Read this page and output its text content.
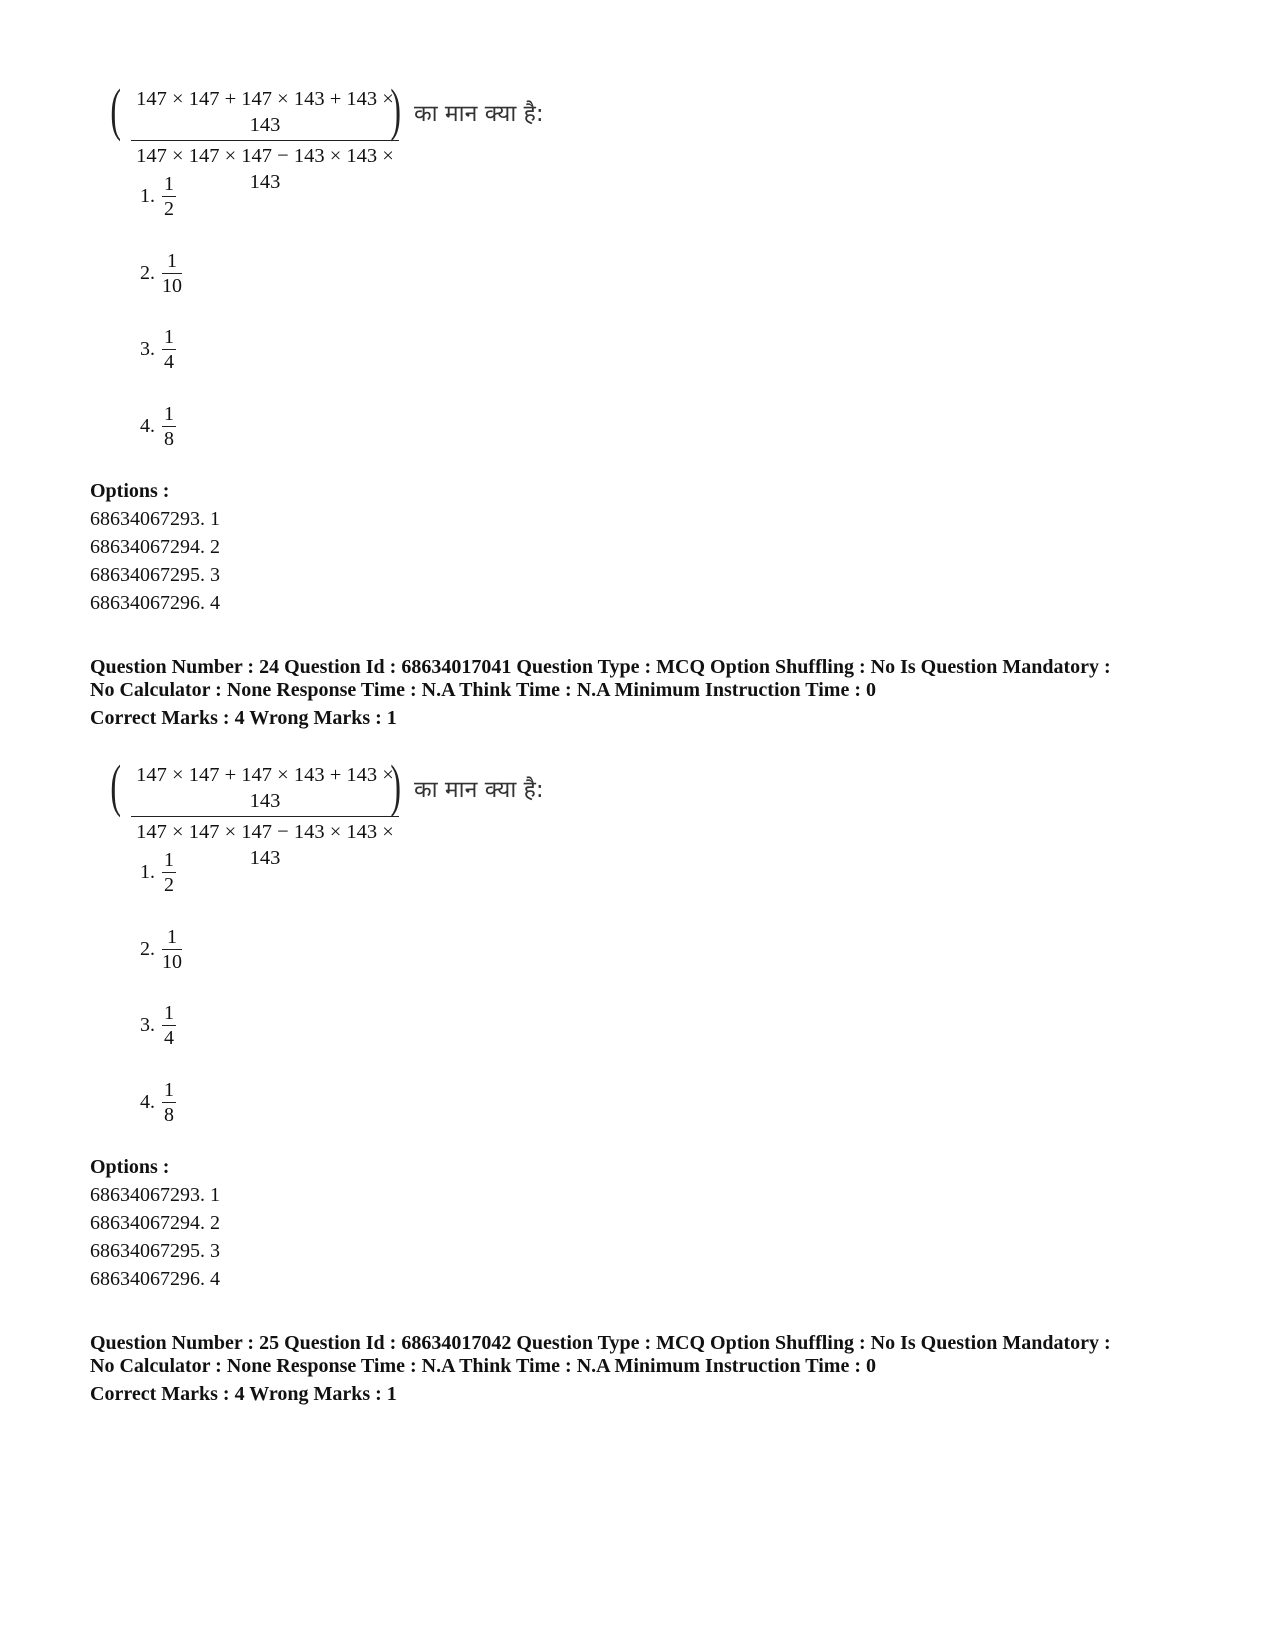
( 147 × 147 + 147 × 143 + 143 × 143
147 × 147 × 147 − 143 × 143 × 143
) का मान क्या है:
1.
1
2
2.
1
10
3.
1
4
4.
1
8
Options :
68634067293. 1
68634067294. 2
68634067295. 3
68634067296. 4
Question Number : 24 Question Id : 68634017041 Question Type : MCQ Option Shuffling : No Is Question Mandatory :
No Calculator : None Response Time : N.A Think Time : N.A Minimum Instruction Time : 0
Correct Marks : 4 Wrong Marks : 1
( 147 × 147 + 147 × 143 + 143 × 143
147 × 147 × 147 − 143 × 143 × 143
) का मान क्या है:
1.
1
2
2.
1
10
3.
1
4
4.
1
8
Options :
68634067293. 1
68634067294. 2
68634067295. 3
68634067296. 4
Question Number : 25 Question Id : 68634017042 Question Type : MCQ Option Shuffling : No Is Question Mandatory :
No Calculator : None Response Time : N.A Think Time : N.A Minimum Instruction Time : 0
Correct Marks : 4 Wrong Marks : 1
